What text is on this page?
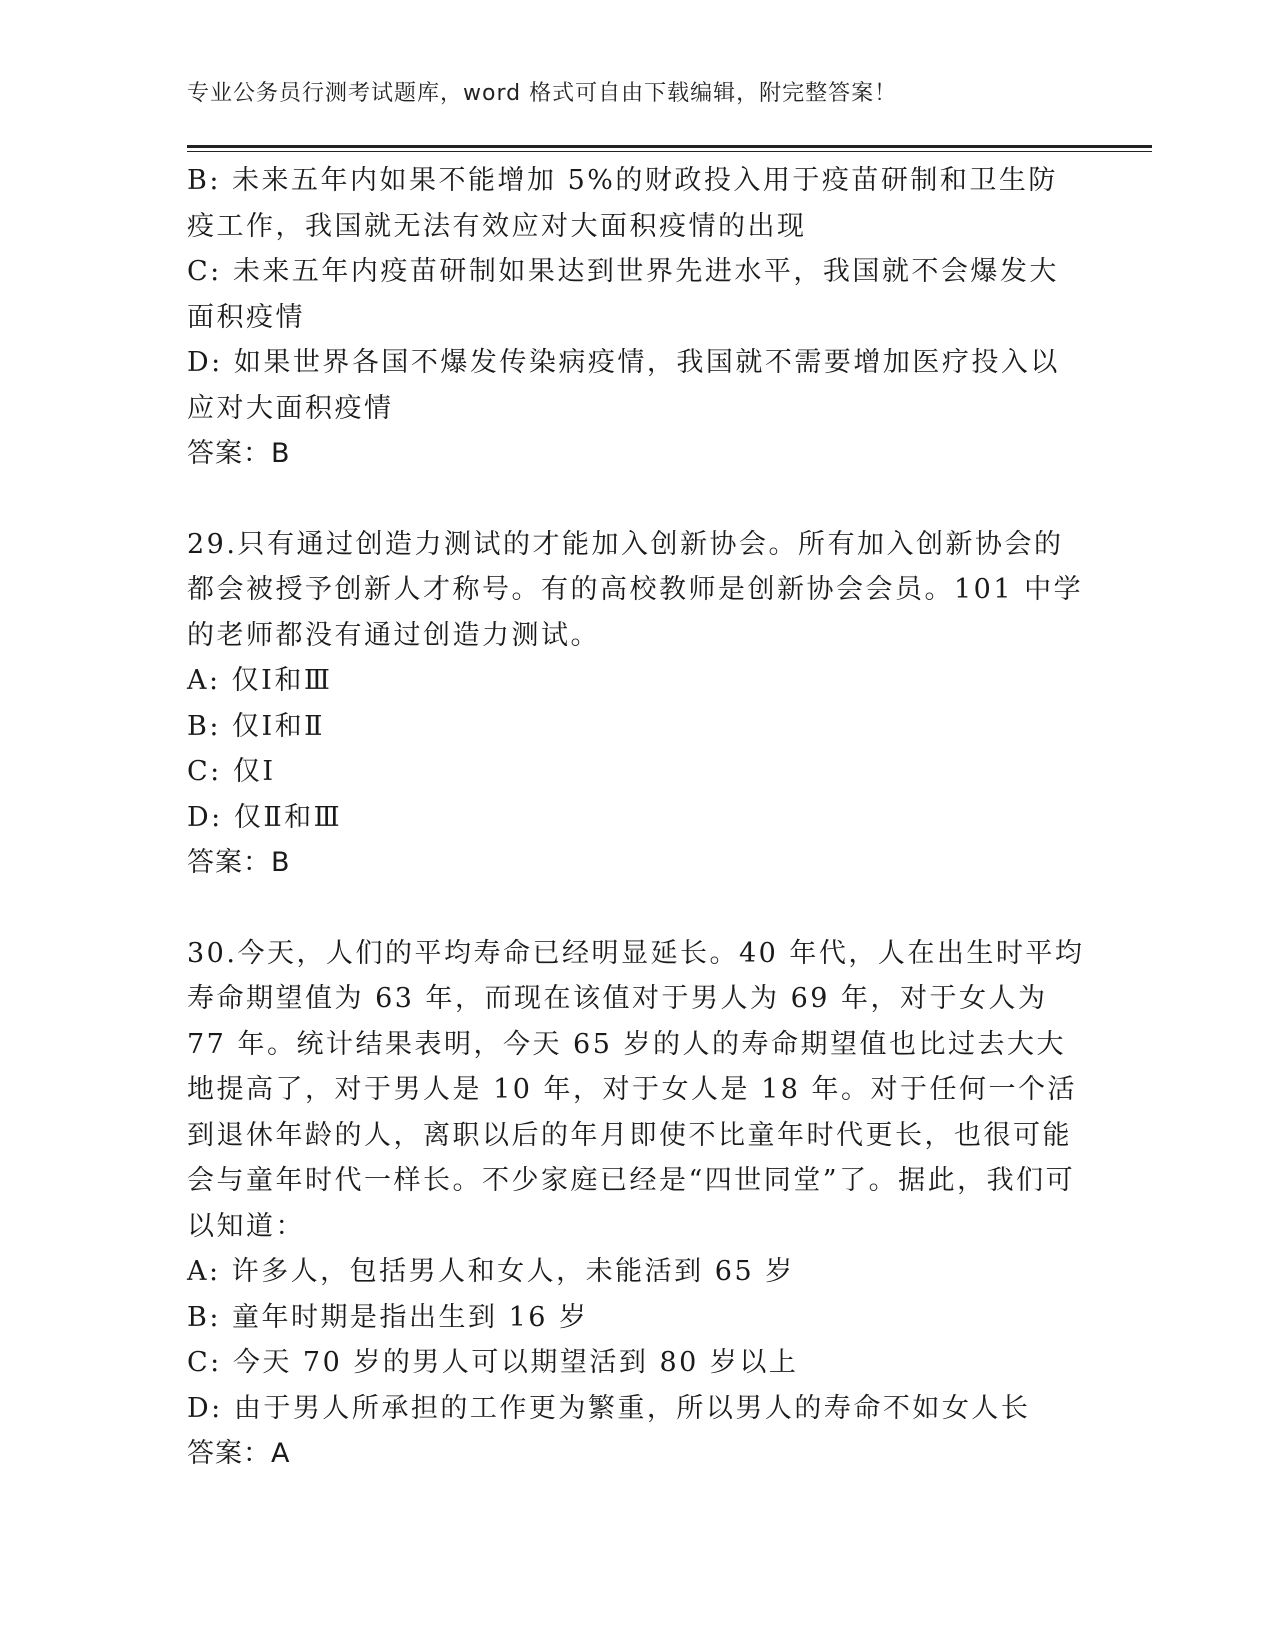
专业公务员行测考试题库，word 格式可自由下载编辑，附完整答案！

B: 未来五年内如果不能增加 5%的财政投入用于疫苗研制和卫生防疫工作，我国就无法有效应对大面积疫情的出现

C: 未来五年内疫苗研制如果达到世界先进水平，我国就不会爆发大面积疫情

D: 如果世界各国不爆发传染病疫情，我国就不需要增加医疗投入以应对大面积疫情

答案：B

29.只有通过创造力测试的才能加入创新协会。所有加入创新协会的都会被授予创新人才称号。有的高校教师是创新协会会员。101 中学的老师都没有通过创造力测试。

A: 仅Ⅰ和Ⅲ

B: 仅Ⅰ和Ⅱ

C: 仅Ⅰ

D: 仅Ⅱ和Ⅲ

答案：B

30.今天，人们的平均寿命已经明显延长。40 年代，人在出生时平均寿命期望值为 63 年，而现在该值对于男人为 69 年，对于女人为 77 年。统计结果表明，今天 65 岁的人的寿命期望值也比过去大大地提高了，对于男人是 10 年，对于女人是 18 年。对于任何一个活到退休年龄的人，离职以后的年月即使不比童年时代更长，也很可能会与童年时代一样长。不少家庭已经是“四世同堂”了。据此，我们可以知道：

A: 许多人，包括男人和女人，未能活到 65 岁

B: 童年时期是指出生到 16 岁

C: 今天 70 岁的男人可以期望活到 80 岁以上

D: 由于男人所承担的工作更为繁重，所以男人的寿命不如女人长

答案：A
